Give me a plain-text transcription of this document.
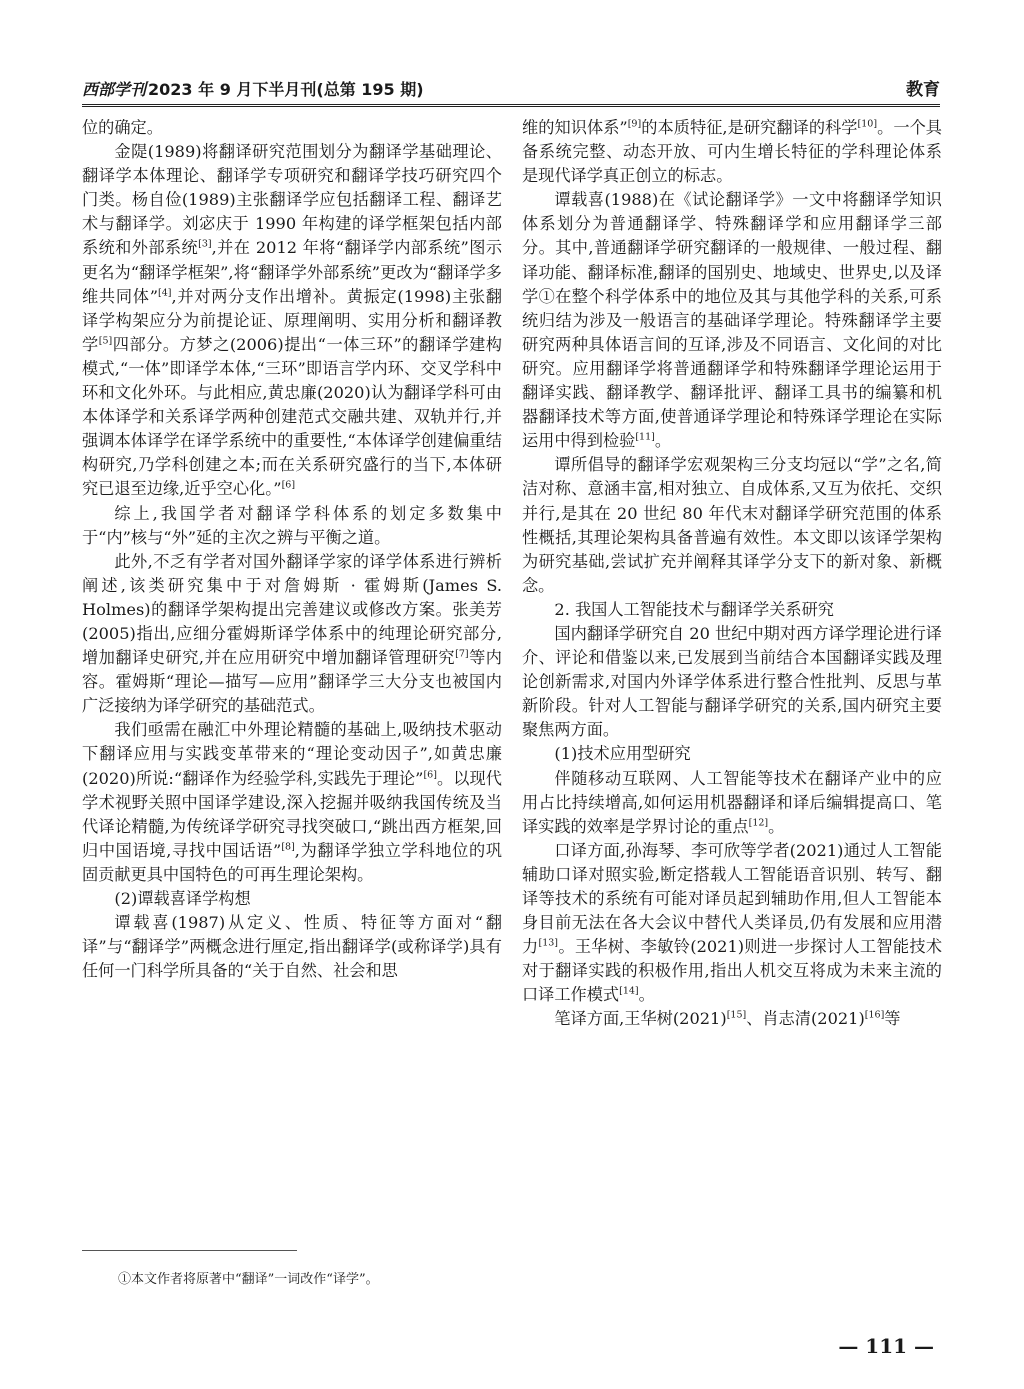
西部学刊 2023 年 9 月下半月刊(总第 195 期)	教育

位的确定。

金隄(1989)将翻译研究范围划分为翻译学基础理论、翻译学本体理论、翻译学专项研究和翻译学技巧研究四个门类。杨自俭(1989)主张翻译学应包括翻译工程、翻译艺术与翻译学。刘宓庆于 1990 年构建的译学框架包括内部系统和外部系统[3],并在 2012 年将“翻译学内部系统”图示更名为“翻译学框架”,将“翻译学外部系统”更改为“翻译学多维共同体”[4],并对两分支作出增补。黄振定(1998)主张翻译学构架应分为前提论证、原理阐明、实用分析和翻译教学[5]四部分。方梦之(2006)提出“一体三环”的翻译学建构模式,“一体”即译学本体,“三环”即语言学内环、交叉学科中环和文化外环。与此相应,黄忠廉(2020)认为翻译学科可由本体译学和关系译学两种创建范式交融共建、双轨并行,并强调本体译学在译学系统中的重要性,“本体译学创建偏重结构研究,乃学科创建之本;而在关系研究盛行的当下,本体研究已退至边缘,近乎空心化。”[6]

综上,我国学者对翻译学科体系的划定多数集中于“内”核与“外”延的主次之辨与平衡之道。

此外,不乏有学者对国外翻译学家的译学体系进行辨析阐述,该类研究集中于对詹姆斯 · 霍姆斯(James S. Holmes)的翻译学架构提出完善建议或修改方案。张美芳(2005)指出,应细分霍姆斯译学体系中的纯理论研究部分,增加翻译史研究,并在应用研究中增加翻译管理研究[7]等内容。霍姆斯“理论—描写—应用”翻译学三大分支也被国内广泛接纳为译学研究的基础范式。

我们亟需在融汇中外理论精髓的基础上,吸纳技术驱动下翻译应用与实践变革带来的“理论变动因子”,如黄忠廉(2020)所说:“翻译作为经验学科,实践先于理论”[6]。以现代学术视野关照中国译学建设,深入挖掘并吸纳我国传统及当代译论精髓,为传统译学研究寻找突破口,“跳出西方框架,回归中国语境,寻找中国话语”[8],为翻译学独立学科地位的巩固贡献更具中国特色的可再生理论架构。

(2)谭载喜译学构想

谭载喜(1987)从定义、性质、特征等方面对“翻译”与“翻译学”两概念进行厘定,指出翻译学(或称译学)具有任何一门科学所具备的“关于自然、社会和思

维的知识体系”[9]的本质特征,是研究翻译的科学[10]。一个具备系统完整、动态开放、可内生增长特征的学科理论体系是现代译学真正创立的标志。

谭载喜(1988)在《试论翻译学》一文中将翻译学知识体系划分为普通翻译学、特殊翻译学和应用翻译学三部分。其中,普通翻译学研究翻译的一般规律、一般过程、翻译功能、翻译标准,翻译的国别史、地域史、世界史,以及译学①在整个科学体系中的地位及其与其他学科的关系,可系统归结为涉及一般语言的基础译学理论。特殊翻译学主要研究两种具体语言间的互译,涉及不同语言、文化间的对比研究。应用翻译学将普通翻译学和特殊翻译学理论运用于翻译实践、翻译教学、翻译批评、翻译工具书的编纂和机器翻译技术等方面,使普通译学理论和特殊译学理论在实际运用中得到检验[11]。

谭所倡导的翻译学宏观架构三分支均冠以“学”之名,简洁对称、意涵丰富,相对独立、自成体系,又互为依托、交织并行,是其在 20 世纪 80 年代末对翻译学研究范围的体系性概括,其理论架构具备普遍有效性。本文即以该译学架构为研究基础,尝试扩充并阐释其译学分支下的新对象、新概念。

2. 我国人工智能技术与翻译学关系研究

国内翻译学研究自 20 世纪中期对西方译学理论进行译介、评论和借鉴以来,已发展到当前结合本国翻译实践及理论创新需求,对国内外译学体系进行整合性批判、反思与革新阶段。针对人工智能与翻译学研究的关系,国内研究主要聚焦两方面。

(1)技术应用型研究

伴随移动互联网、人工智能等技术在翻译产业中的应用占比持续增高,如何运用机器翻译和译后编辑提高口、笔译实践的效率是学界讨论的重点[12]。

口译方面,孙海琴、李可欣等学者(2021)通过人工智能辅助口译对照实验,断定搭载人工智能语音识别、转写、翻译等技术的系统有可能对译员起到辅助作用,但人工智能本身目前无法在各大会议中替代人类译员,仍有发展和应用潜力[13]。王华树、李敏铃(2021)则进一步探讨人工智能技术对于翻译实践的积极作用,指出人机交互将成为未来主流的口译工作模式[14]。

笔译方面,王华树(2021)[15]、肖志清(2021)[16]等

①本文作者将原著中“翻译”一词改作“译学”。
— 111 —
